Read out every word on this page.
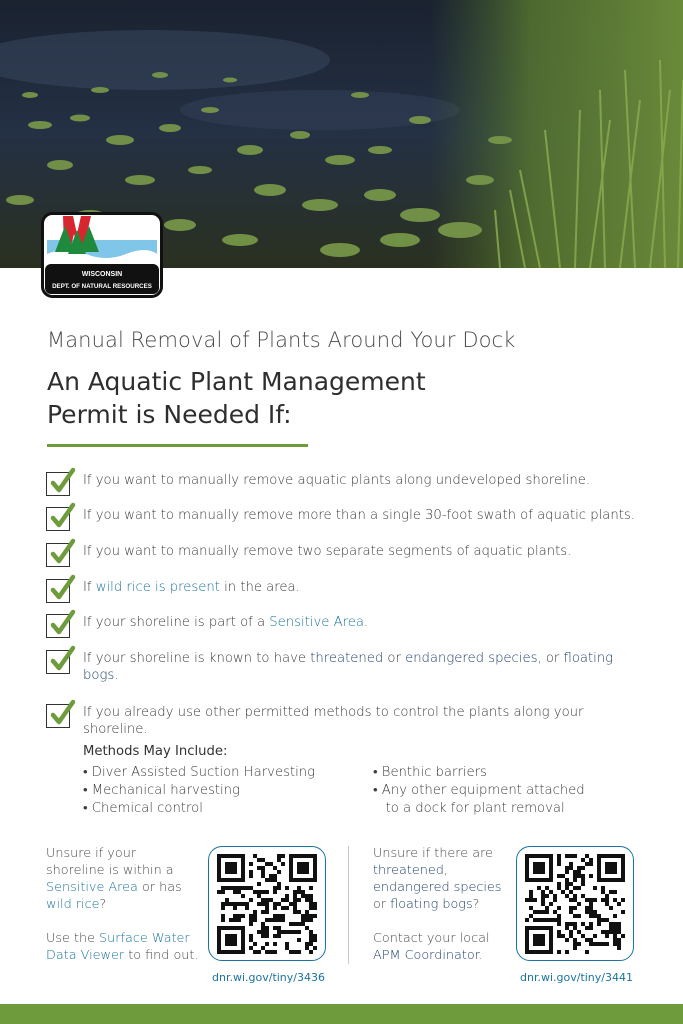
WISCONSIN
DEPT. OF NATURAL RESOURCES
Manual Removal of Plants Around Your Dock
An Aquatic Plant Management
Permit is Needed If:
If you want to manually remove aquatic plants along undeveloped shoreline.
If you want to manually remove more than a single 30-foot swath of aquatic plants.
If you want to manually remove two separate segments of aquatic plants.
If wild rice is present in the area.
If your shoreline is part of a Sensitive Area.
If your shoreline is known to have threatened or endangered species, or floating bogs.
If you already use other permitted methods to control the plants along your shoreline.
Methods May Include:
• Diver Assisted Suction Harvesting
• Mechanical harvesting
• Chemical control
• Benthic barriers
• Any other equipment attached
to a dock for plant removal
Unsure if your
shoreline is within a
Sensitive Area or has
wild rice?
Use the Surface Water
Data Viewer to find out.
dnr.wi.gov/tiny/3436
Unsure if there are
threatened,
endangered species
or floating bogs?
Contact your local
APM Coordinator.
dnr.wi.gov/tiny/3441
